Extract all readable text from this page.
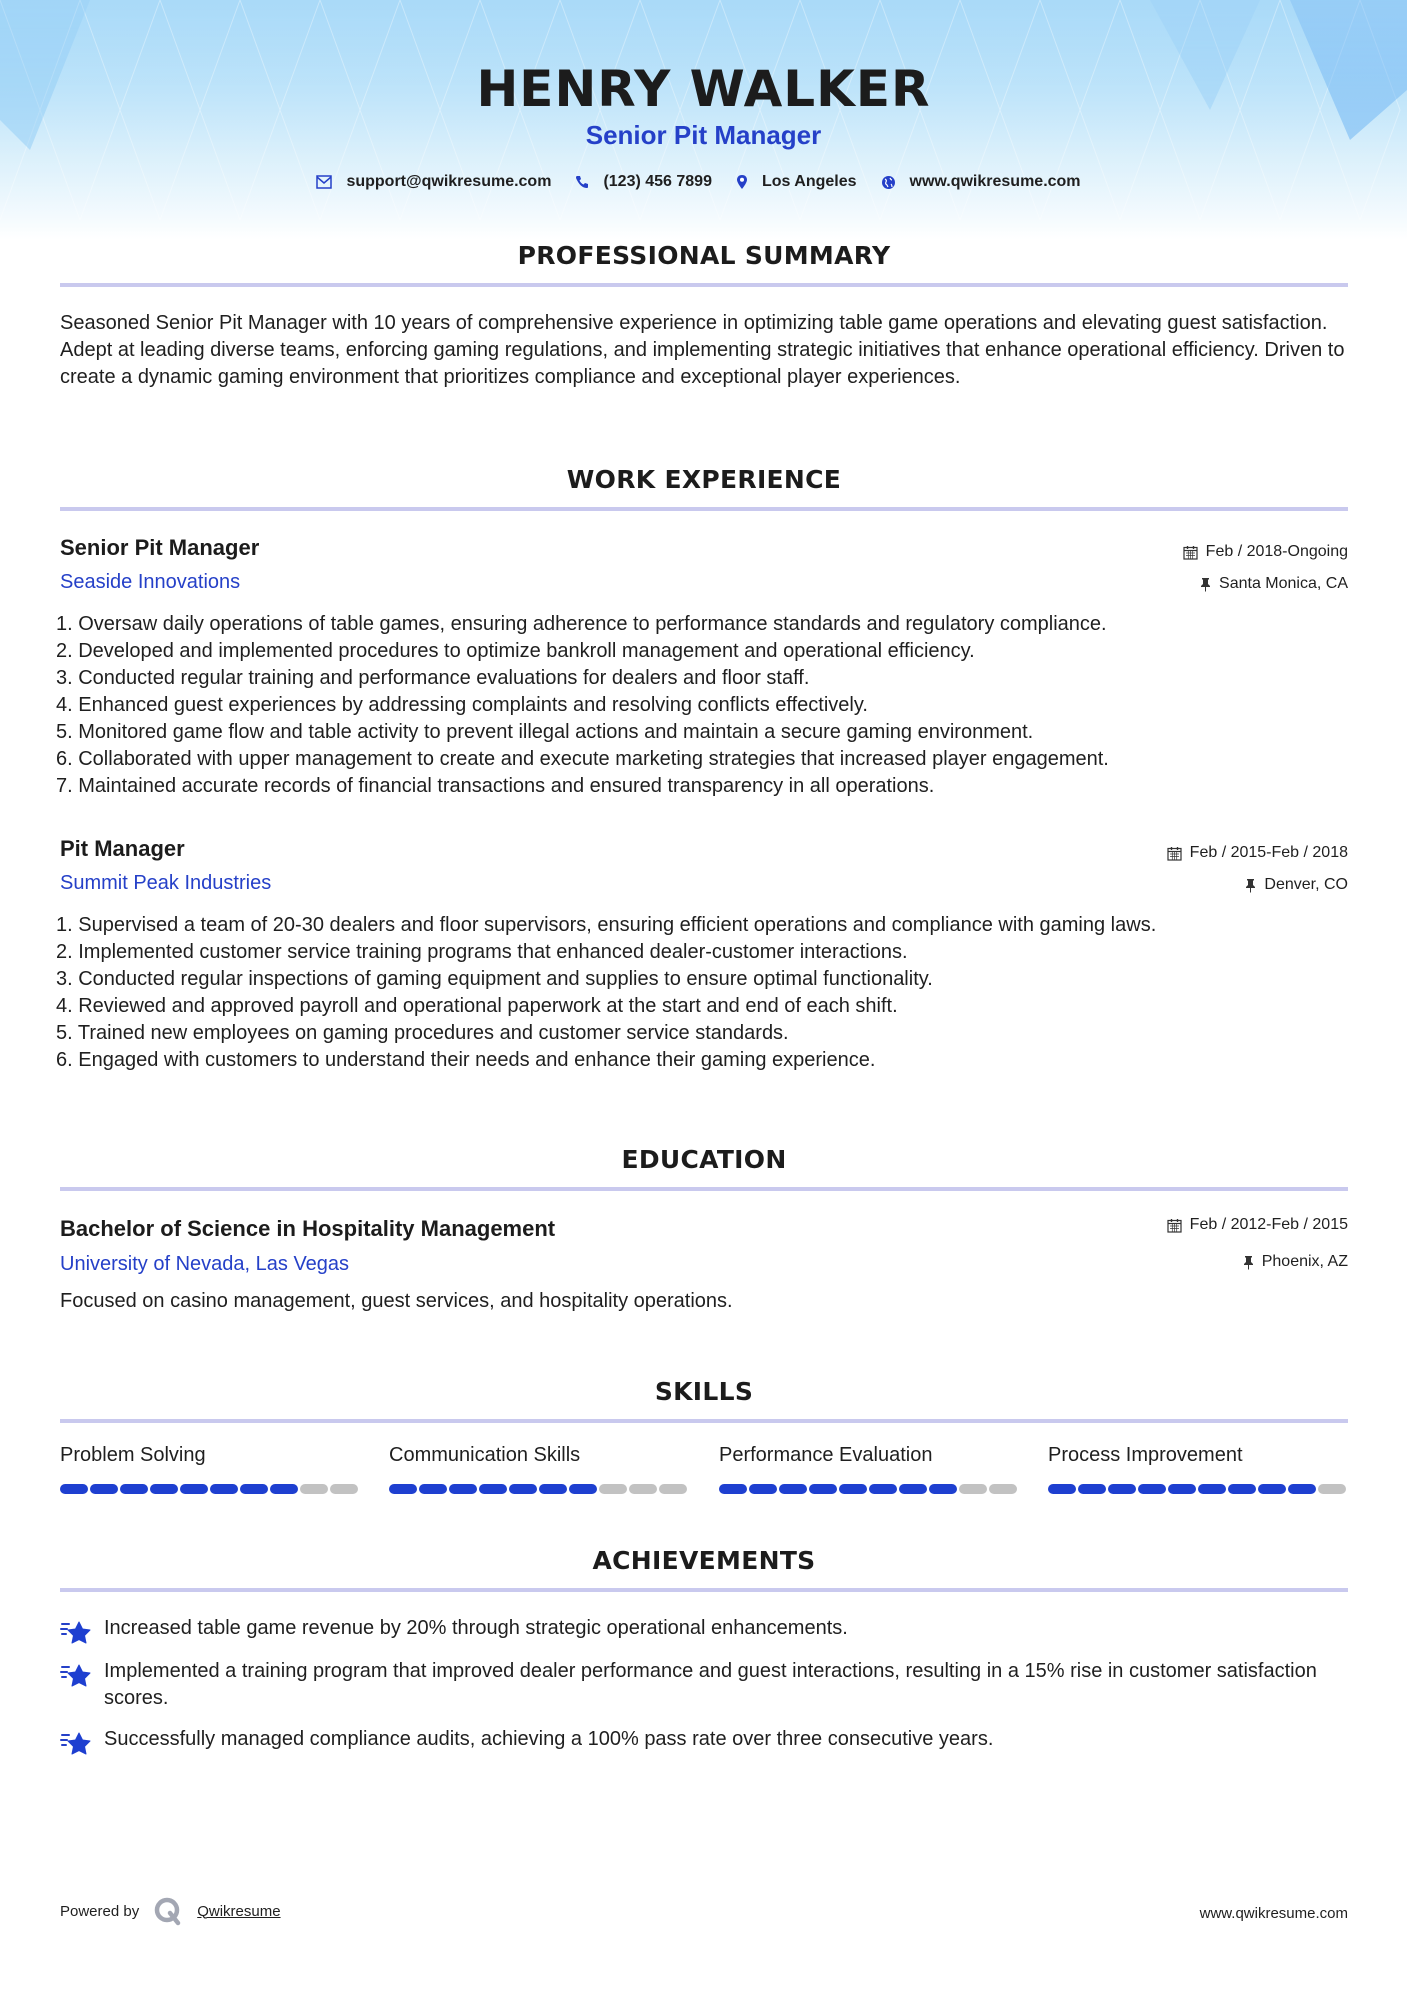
HENRY WALKER
Senior Pit Manager
support@qwikresume.com	(123) 456 7899	Los Angeles	www.qwikresume.com
PROFESSIONAL SUMMARY
Seasoned Senior Pit Manager with 10 years of comprehensive experience in optimizing table game operations and elevating guest satisfaction. Adept at leading diverse teams, enforcing gaming regulations, and implementing strategic initiatives that enhance operational efficiency. Driven to create a dynamic gaming environment that prioritizes compliance and exceptional player experiences.
WORK EXPERIENCE
Senior Pit Manager
Seaside Innovations
Feb / 2018-Ongoing
Santa Monica, CA
1. Oversaw daily operations of table games, ensuring adherence to performance standards and regulatory compliance.
2. Developed and implemented procedures to optimize bankroll management and operational efficiency.
3. Conducted regular training and performance evaluations for dealers and floor staff.
4. Enhanced guest experiences by addressing complaints and resolving conflicts effectively.
5. Monitored game flow and table activity to prevent illegal actions and maintain a secure gaming environment.
6. Collaborated with upper management to create and execute marketing strategies that increased player engagement.
7. Maintained accurate records of financial transactions and ensured transparency in all operations.
Pit Manager
Summit Peak Industries
Feb / 2015-Feb / 2018
Denver, CO
1. Supervised a team of 20-30 dealers and floor supervisors, ensuring efficient operations and compliance with gaming laws.
2. Implemented customer service training programs that enhanced dealer-customer interactions.
3. Conducted regular inspections of gaming equipment and supplies to ensure optimal functionality.
4. Reviewed and approved payroll and operational paperwork at the start and end of each shift.
5. Trained new employees on gaming procedures and customer service standards.
6. Engaged with customers to understand their needs and enhance their gaming experience.
EDUCATION
Bachelor of Science in Hospitality Management
University of Nevada, Las Vegas
Feb / 2012-Feb / 2015
Phoenix, AZ
Focused on casino management, guest services, and hospitality operations.
SKILLS
Problem Solving	Communication Skills	Performance Evaluation	Process Improvement
ACHIEVEMENTS
Increased table game revenue by 20% through strategic operational enhancements.
Implemented a training program that improved dealer performance and guest interactions, resulting in a 15% rise in customer satisfaction scores.
Successfully managed compliance audits, achieving a 100% pass rate over three consecutive years.
Powered by	Qwikresume	www.qwikresume.com
